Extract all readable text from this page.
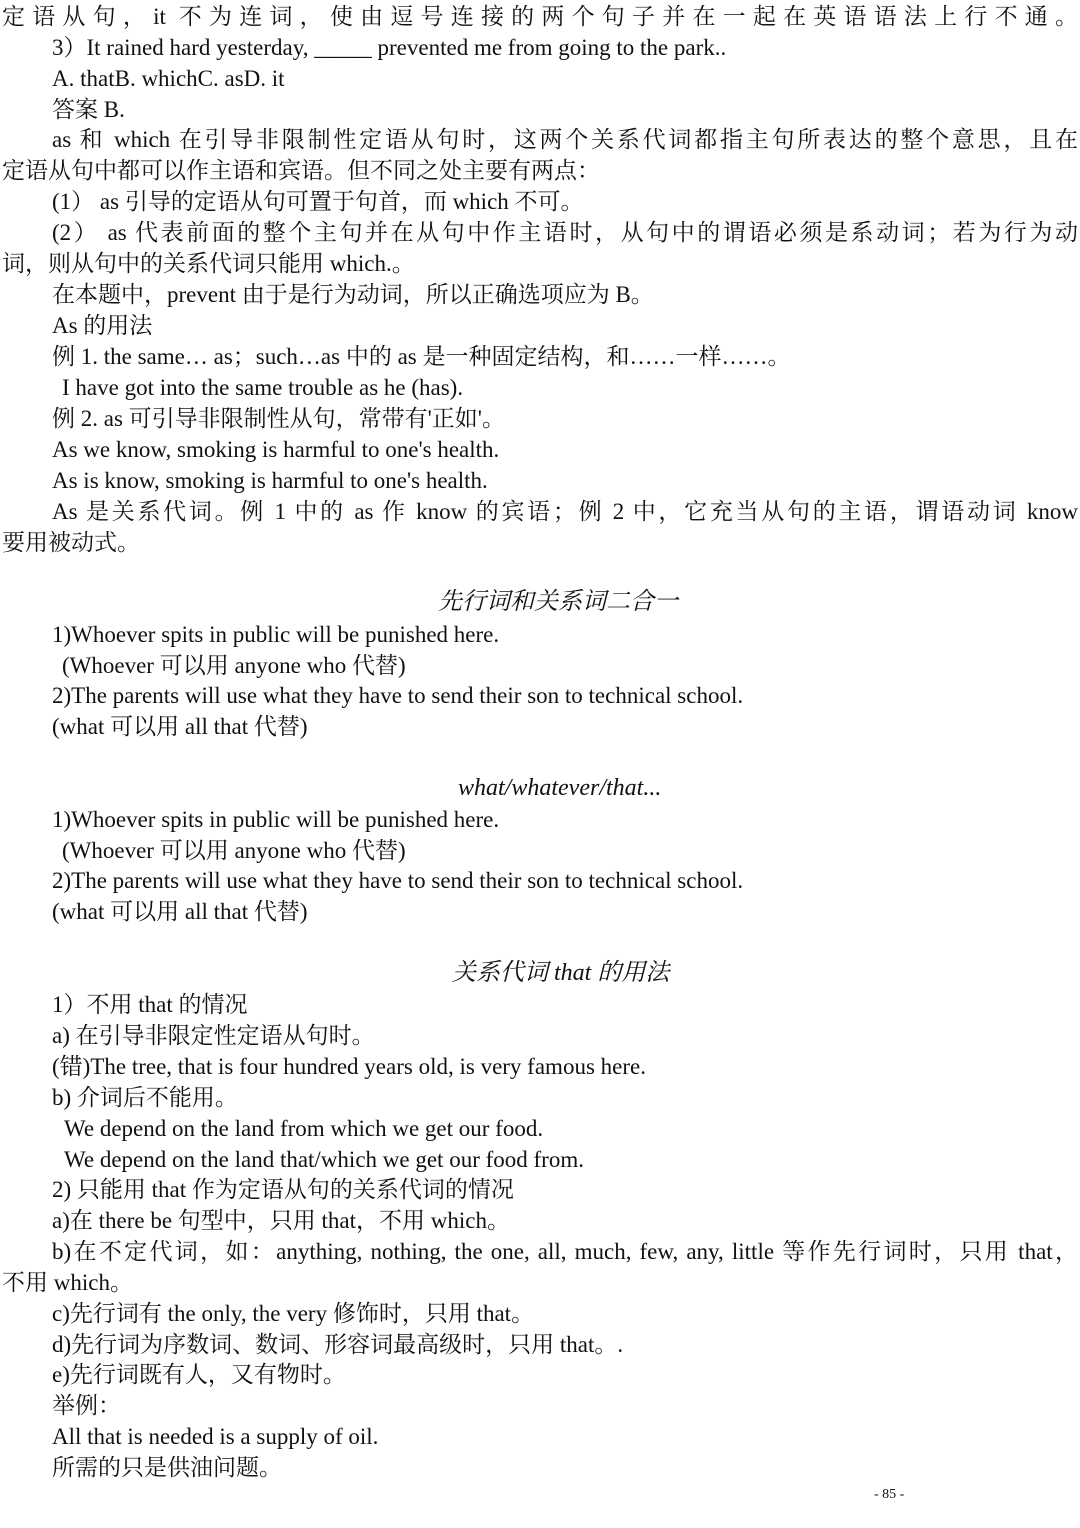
定语从句，it 不为连词，使由逗号连接的两个句子并在一起在英语语法上行不通。
3）It rained hard yesterday, _____ prevented me from going to the park..
A. thatB. whichC. asD. it
答案 B.
as 和 which 在引导非限制性定语从句时，这两个关系代词都指主句所表达的整个意思，且在
定语从句中都可以作主语和宾语。但不同之处主要有两点：
(1） as 引导的定语从句可置于句首，而 which 不可。
(2） as 代表前面的整个主句并在从句中作主语时，从句中的谓语必须是系动词；若为行为动
词，则从句中的关系代词只能用 which.。
在本题中，prevent 由于是行为动词，所以正确选项应为 B。
As 的用法
例 1. the same… as；such…as 中的 as 是一种固定结构，和……一样……。
I have got into the same trouble as he (has).
例 2. as 可引导非限制性从句，常带有'正如'。
As we know, smoking is harmful to one's health.
As is know, smoking is harmful to one's health.
As 是关系代词。例 1 中的 as 作 know 的宾语；例 2 中，它充当从句的主语，谓语动词 know
要用被动式。
先行词和关系词二合一
1)Whoever spits in public will be punished here.
(Whoever 可以用 anyone who 代替)
2)The parents will use what they have to send their son to technical school.
(what 可以用 all that 代替)
what/whatever/that...
1)Whoever spits in public will be punished here.
(Whoever 可以用 anyone who 代替)
2)The parents will use what they have to send their son to technical school.
(what 可以用 all that 代替)
关系代词 that 的用法
1）不用 that 的情况
a) 在引导非限定性定语从句时。
(错)The tree, that is four hundred years old, is very famous here.
b) 介词后不能用。
We depend on the land from which we get our food.
We depend on the land that/which we get our food from.
2) 只能用 that 作为定语从句的关系代词的情况
a)在 there be 句型中，只用 that，不用 which。
b)在不定代词，如：anything, nothing, the one, all, much, few, any, little 等作先行词时，只用 that，
不用 which。
c)先行词有 the only, the very 修饰时，只用 that。
d)先行词为序数词、数词、形容词最高级时，只用 that。.
e)先行词既有人，又有物时。
举例：
All that is needed is a supply of oil.
所需的只是供油问题。
- 85 -
